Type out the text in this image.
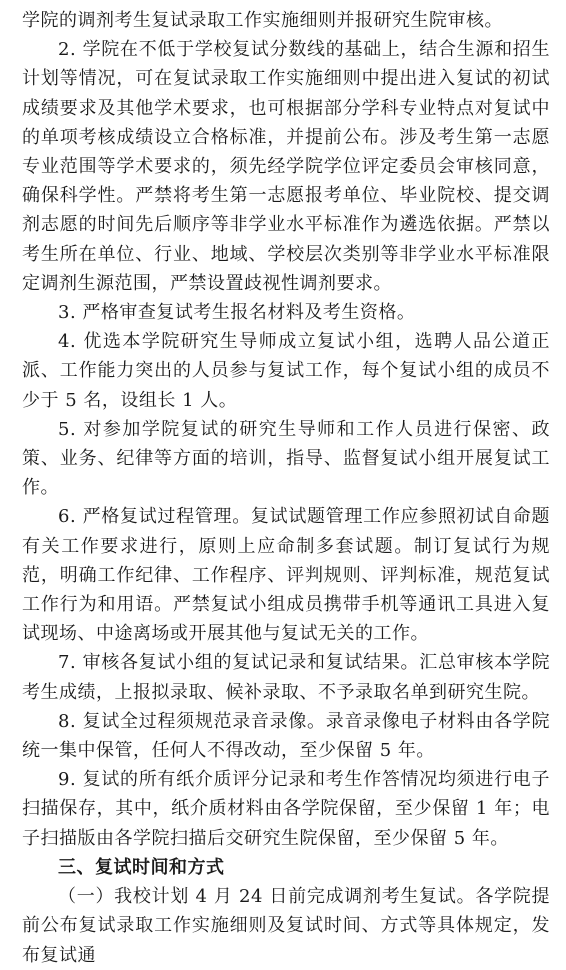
学院的调剂考生复试录取工作实施细则并报研究生院审核。

2. 学院在不低于学校复试分数线的基础上，结合生源和招生计划等情况，可在复试录取工作实施细则中提出进入复试的初试成绩要求及其他学术要求，也可根据部分学科专业特点对复试中的单项考核成绩设立合格标准，并提前公布。涉及考生第一志愿专业范围等学术要求的，须先经学院学位评定委员会审核同意，确保科学性。严禁将考生第一志愿报考单位、毕业院校、提交调剂志愿的时间先后顺序等非学业水平标准作为遴选依据。严禁以考生所在单位、行业、地域、学校层次类别等非学业水平标准限定调剂生源范围，严禁设置歧视性调剂要求。

3. 严格审查复试考生报名材料及考生资格。

4. 优选本学院研究生导师成立复试小组，选聘人品公道正派、工作能力突出的人员参与复试工作，每个复试小组的成员不少于 5 名，设组长 1 人。

5. 对参加学院复试的研究生导师和工作人员进行保密、政策、业务、纪律等方面的培训，指导、监督复试小组开展复试工作。

6. 严格复试过程管理。复试试题管理工作应参照初试自命题有关工作要求进行，原则上应命制多套试题。制订复试行为规范，明确工作纪律、工作程序、评判规则、评判标准，规范复试工作行为和用语。严禁复试小组成员携带手机等通讯工具进入复试现场、中途离场或开展其他与复试无关的工作。

7. 审核各复试小组的复试记录和复试结果。汇总审核本学院考生成绩，上报拟录取、候补录取、不予录取名单到研究生院。

8. 复试全过程须规范录音录像。录音录像电子材料由各学院统一集中保管，任何人不得改动，至少保留 5 年。

9. 复试的所有纸介质评分记录和考生作答情况均须进行电子扫描保存，其中，纸介质材料由各学院保留，至少保留 1 年；电子扫描版由各学院扫描后交研究生院保留，至少保留 5 年。

三、复试时间和方式

（一）我校计划 4 月 24 日前完成调剂考生复试。各学院提前公布复试录取工作实施细则及复试时间、方式等具体规定，发布复试通
